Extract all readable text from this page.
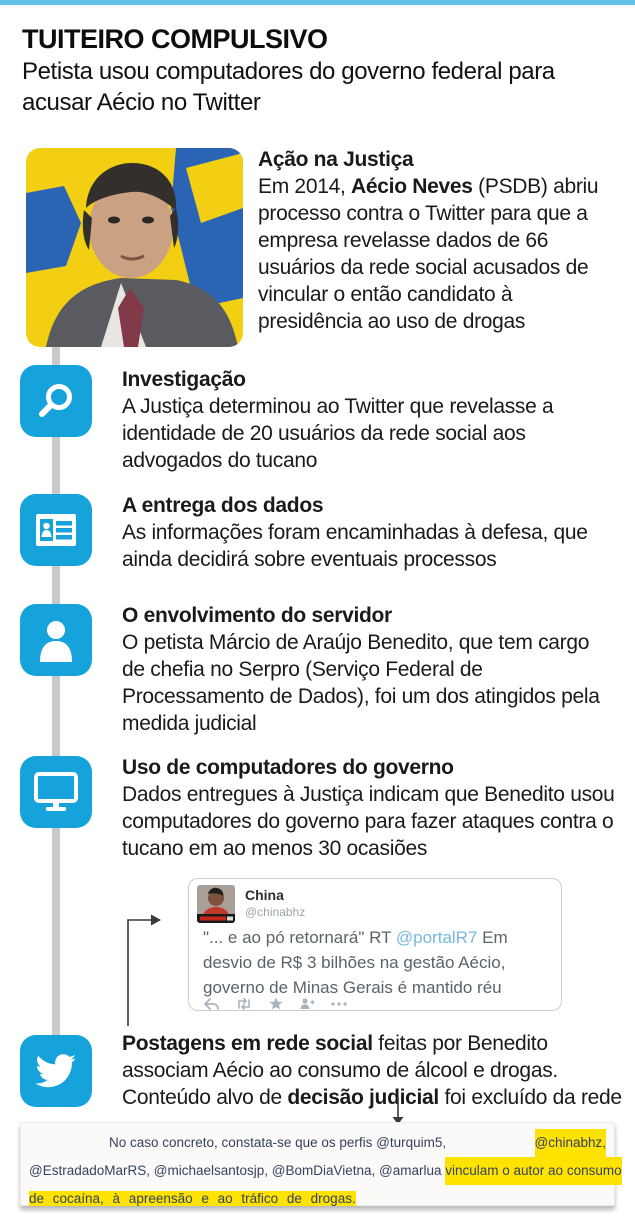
TUITEIRO COMPULSIVO
Petista usou computadores do governo federal para acusar Aécio no Twitter
Ação na Justiça
Em 2014, Aécio Neves (PSDB) abriu processo contra o Twitter para que a empresa revelasse dados de 66 usuários da rede social acusados de vincular o então candidato à presidência ao uso de drogas
Investigação
A Justiça determinou ao Twitter que revelasse a identidade de 20 usuários da rede social aos advogados do tucano
A entrega dos dados
As informações foram encaminhadas à defesa, que ainda decidirá sobre eventuais processos
O envolvimento do servidor
O petista Márcio de Araújo Benedito, que tem cargo de chefia no Serpro (Serviço Federal de Processamento de Dados), foi um dos atingidos pela medida judicial
Uso de computadores do governo
Dados entregues à Justiça indicam que Benedito usou computadores do governo para fazer ataques contra o tucano em ao menos 30 ocasiões
China
@chinabhz
"... e ao pó retornará" RT @portalR7 Em desvio de R$ 3 bilhões na gestão Aécio, governo de Minas Gerais é mantido réu
Postagens em rede social feitas por Benedito associam Aécio ao consumo de álcool e drogas. Conteúdo alvo de decisão judicial foi excluído da rede
No caso concreto, constata-se que os perfis @turquim5,	@chinabhz,
@EstradadoMarRS, @michaelsantosjp, @BomDiaVietna, @amarlua vinculam o autor ao consumo
de cocaína, à apreensão e ao tráfico de drogas.
